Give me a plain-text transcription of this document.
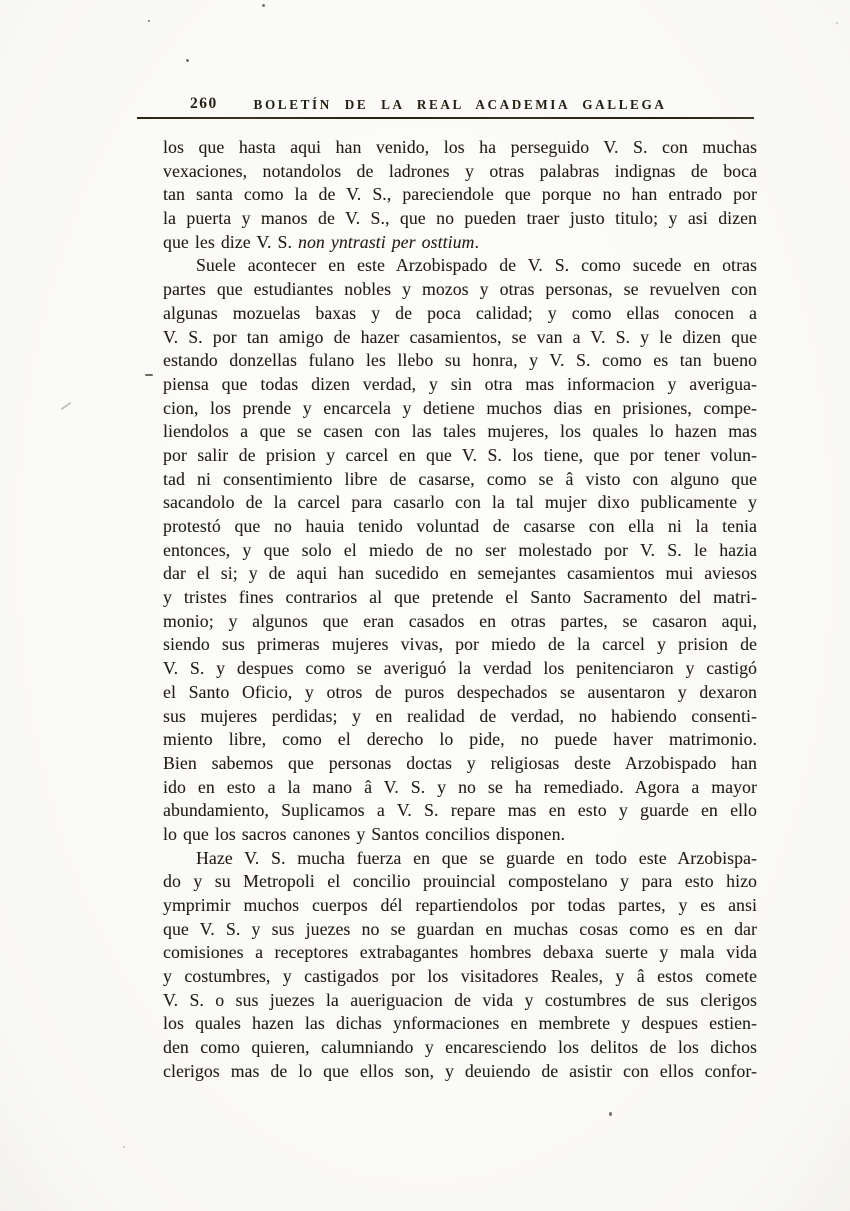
260	BOLETÍN DE LA REAL ACADEMIA GALLEGA
los que hasta aqui han venido, los ha perseguido V. S. con muchas
vexaciones, notandolos de ladrones y otras palabras indignas de boca
tan santa como la de V. S., pareciendole que porque no han entrado por
la puerta y manos de V. S., que no pueden traer justo titulo; y asi dizen
que les dize V. S. non yntrasti per osttium.
Suele acontecer en este Arzobispado de V. S. como sucede en otras
partes que estudiantes nobles y mozos y otras personas, se revuelven con
algunas mozuelas baxas y de poca calidad; y como ellas conocen a
V. S. por tan amigo de hazer casamientos, se van a V. S. y le dizen que
estando donzellas fulano les llebo su honra, y V. S. como es tan bueno
piensa que todas dizen verdad, y sin otra mas informacion y averigua-
cion, los prende y encarcela y detiene muchos dias en prisiones, compe-
liendolos a que se casen con las tales mujeres, los quales lo hazen mas
por salir de prision y carcel en que V. S. los tiene, que por tener volun-
tad ni consentimiento libre de casarse, como se â visto con alguno que
sacandolo de la carcel para casarlo con la tal mujer dixo publicamente y
protestó que no hauia tenido voluntad de casarse con ella ni la tenia
entonces, y que solo el miedo de no ser molestado por V. S. le hazia
dar el si; y de aqui han sucedido en semejantes casamientos mui aviesos
y tristes fines contrarios al que pretende el Santo Sacramento del matri-
monio; y algunos que eran casados en otras partes, se casaron aqui,
siendo sus primeras mujeres vivas, por miedo de la carcel y prision de
V. S. y despues como se averiguó la verdad los penitenciaron y castigó
el Santo Oficio, y otros de puros despechados se ausentaron y dexaron
sus mujeres perdidas; y en realidad de verdad, no habiendo consenti-
miento libre, como el derecho lo pide, no puede haver matrimonio.
Bien sabemos que personas doctas y religiosas deste Arzobispado han
ido en esto a la mano â V. S. y no se ha remediado. Agora a mayor
abundamiento, Suplicamos a V. S. repare mas en esto y guarde en ello
lo que los sacros canones y Santos concilios disponen.
Haze V. S. mucha fuerza en que se guarde en todo este Arzobispa-
do y su Metropoli el concilio prouincial compostelano y para esto hizo
ymprimir muchos cuerpos dél repartiendolos por todas partes, y es ansi
que V. S. y sus juezes no se guardan en muchas cosas como es en dar
comisiones a receptores extrabagantes hombres debaxa suerte y mala vida
y costumbres, y castigados por los visitadores Reales, y â estos comete
V. S. o sus juezes la aueriguacion de vida y costumbres de sus clerigos
los quales hazen las dichas ynformaciones en membrete y despues estien-
den como quieren, calumniando y encaresciendo los delitos de los dichos
clerigos mas de lo que ellos son, y deuiendo de asistir con ellos confor-
